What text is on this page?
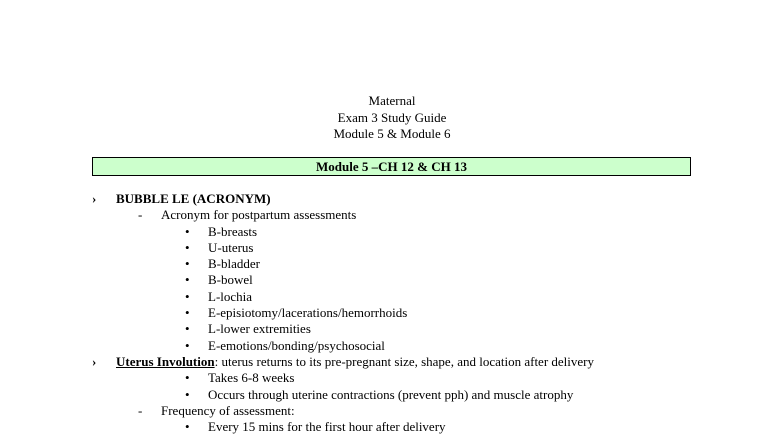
Maternal
Exam 3 Study Guide
Module 5 & Module 6
Module 5 –CH 12 & CH 13
› BUBBLE LE (ACRONYM)
- Acronym for postpartum assessments
• B-breasts
• U-uterus
• B-bladder
• B-bowel
• L-lochia
• E-episiotomy/lacerations/hemorrhoids
• L-lower extremities
• E-emotions/bonding/psychosocial
› Uterus Involution: uterus returns to its pre-pregnant size, shape, and location after delivery
• Takes 6-8 weeks
• Occurs through uterine contractions (prevent pph) and muscle atrophy
- Frequency of assessment:
• Every 15 mins for the first hour after delivery
